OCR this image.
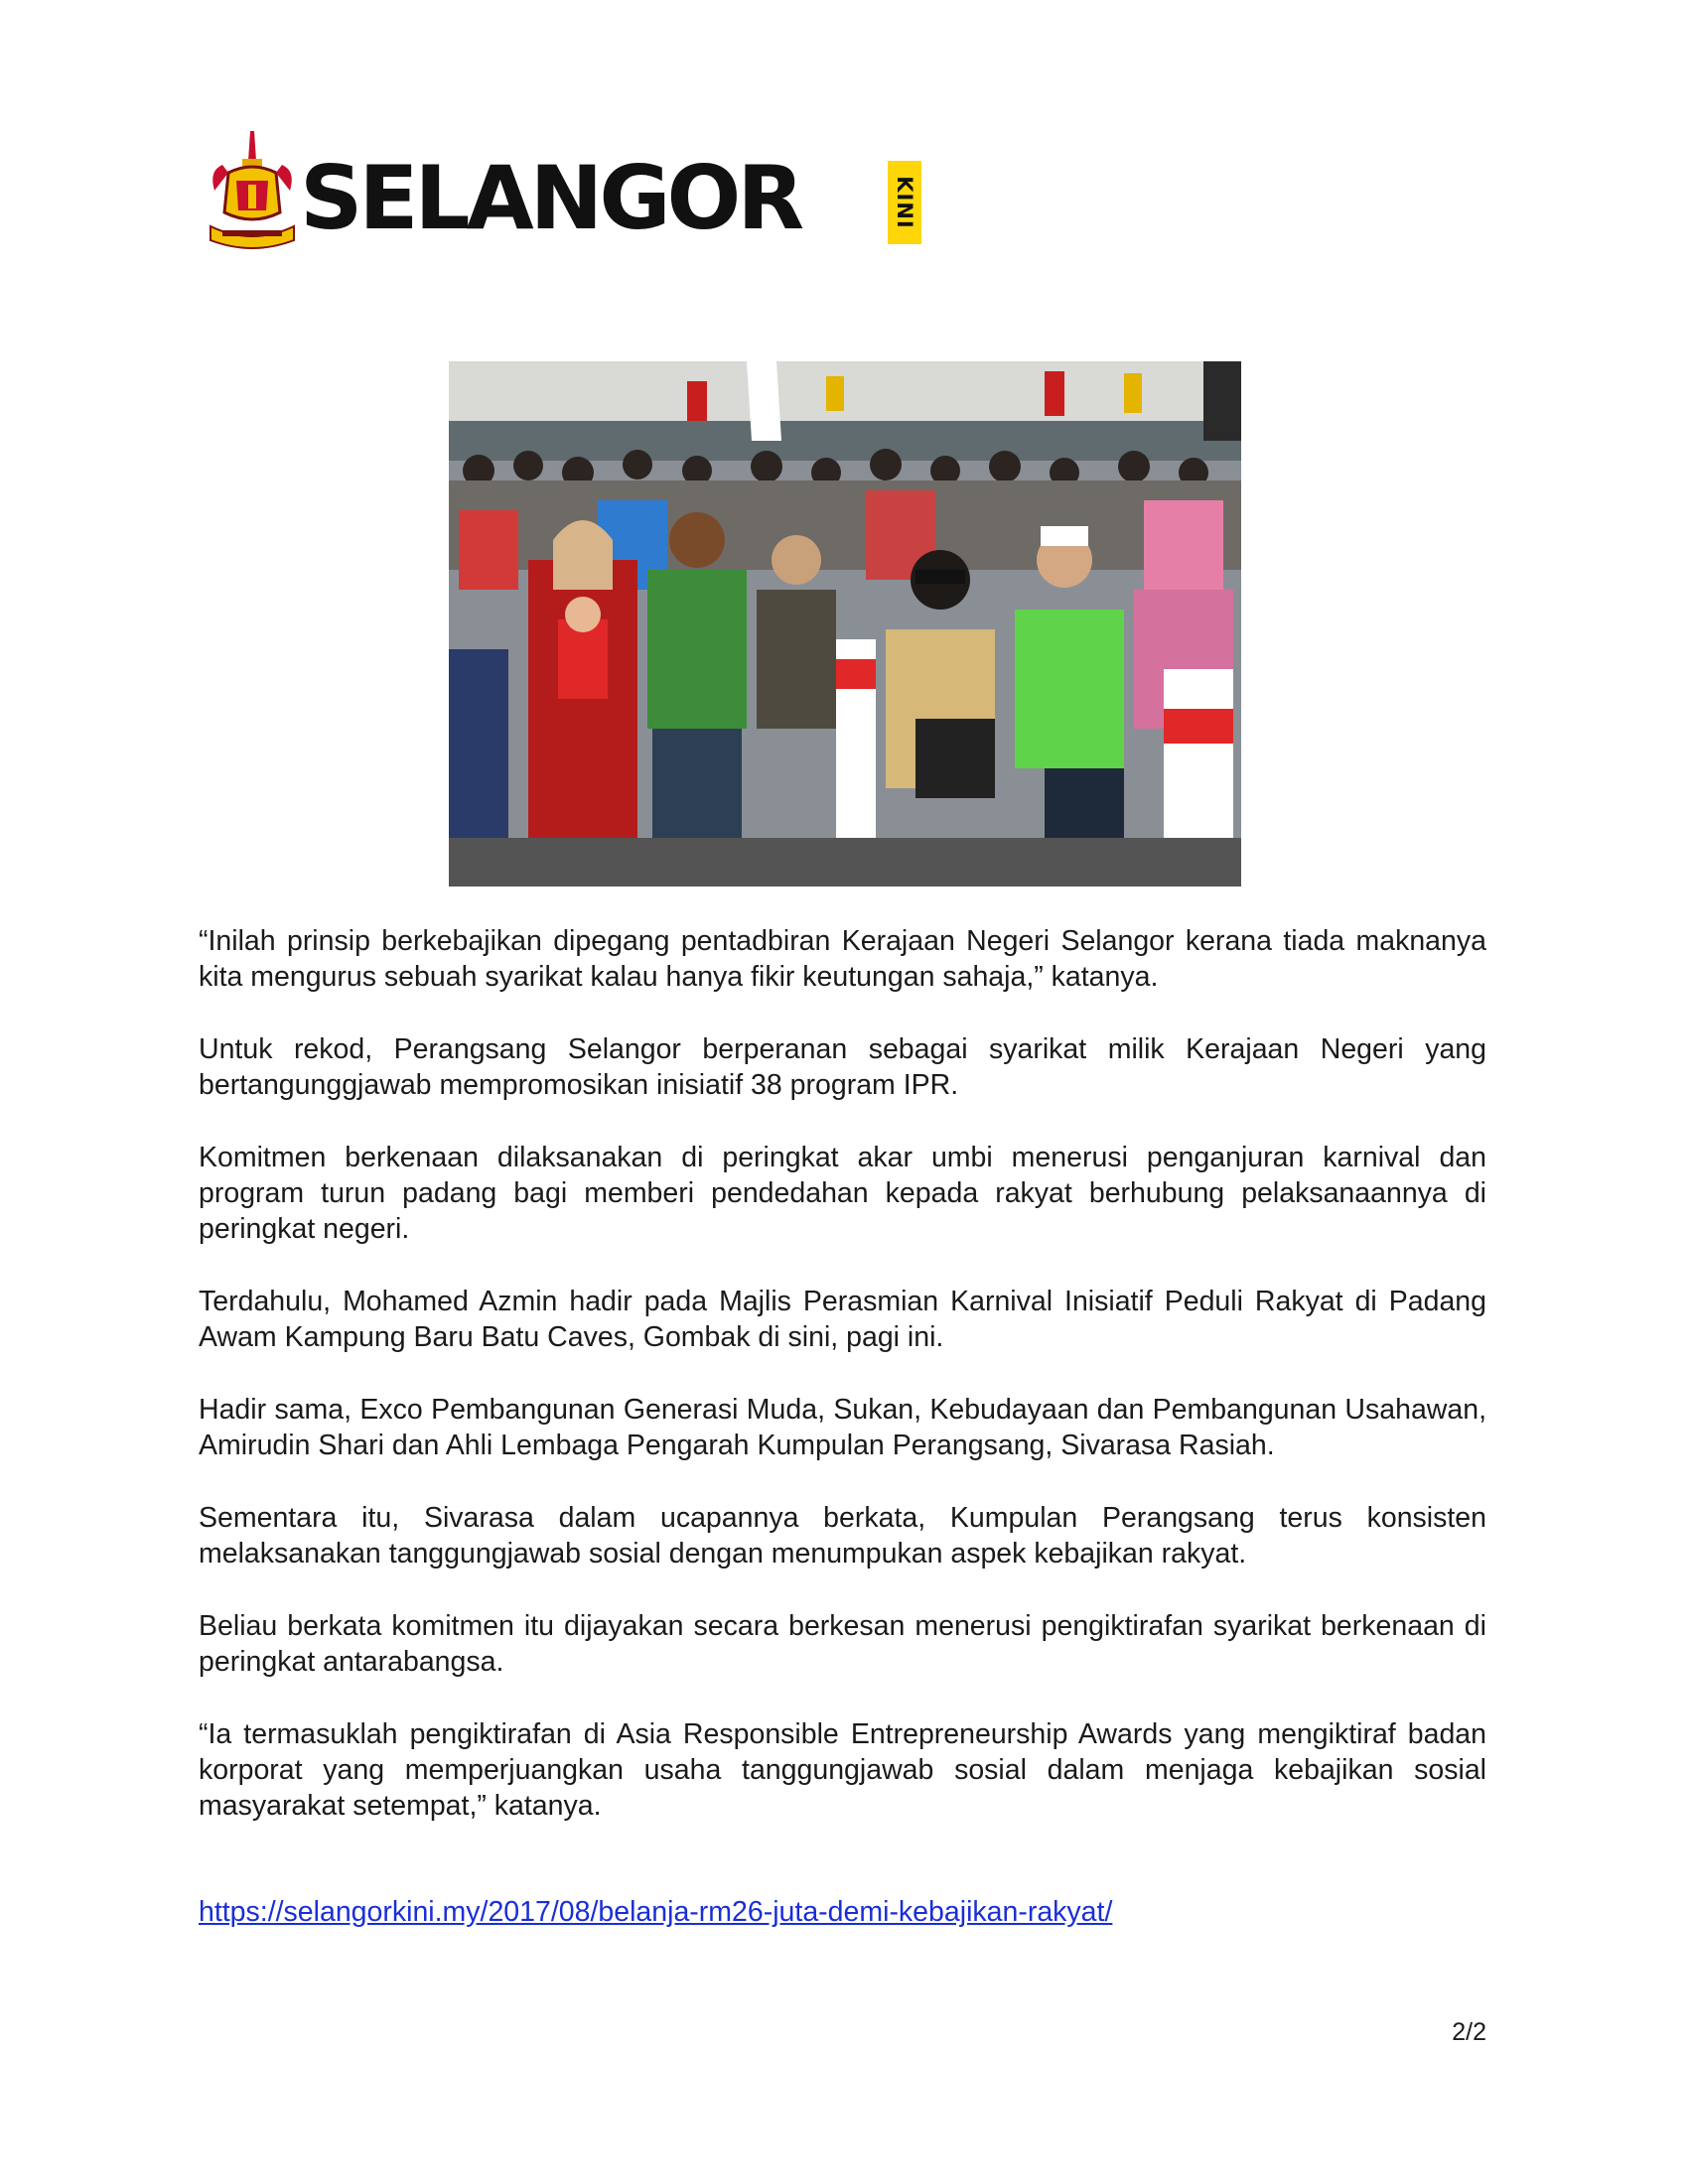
SELANGOR	KINI

“Inilah prinsip berkebajikan dipegang pentadbiran Kerajaan Negeri Selangor kerana tiada maknanya kita mengurus sebuah syarikat kalau hanya fikir keutungan sahaja,” katanya.

Untuk rekod, Perangsang Selangor berperanan sebagai syarikat milik Kerajaan Negeri yang bertangunggjawab mempromosikan inisiatif 38 program IPR.

Komitmen berkenaan dilaksanakan di peringkat akar umbi menerusi penganjuran karnival dan program turun padang bagi memberi pendedahan kepada rakyat berhubung pelaksanaannya di peringkat negeri.

Terdahulu, Mohamed Azmin hadir pada Majlis Perasmian Karnival Inisiatif Peduli Rakyat di Padang Awam Kampung Baru Batu Caves, Gombak di sini, pagi ini.

Hadir sama, Exco Pembangunan Generasi Muda, Sukan, Kebudayaan dan Pembangunan Usahawan, Amirudin Shari dan Ahli Lembaga Pengarah Kumpulan Perangsang, Sivarasa Rasiah.

Sementara itu, Sivarasa dalam ucapannya berkata, Kumpulan Perangsang terus konsisten melaksanakan tanggungjawab sosial dengan menumpukan aspek kebajikan rakyat.

Beliau berkata komitmen itu dijayakan secara berkesan menerusi pengiktirafan syarikat berkenaan di peringkat antarabangsa.

“Ia termasuklah pengiktirafan di Asia Responsible Entrepreneurship Awards yang mengiktiraf badan korporat yang memperjuangkan usaha tanggungjawab sosial dalam menjaga kebajikan sosial masyarakat setempat,” katanya.

https://selangorkini.my/2017/08/belanja-rm26-juta-demi-kebajikan-rakyat/
2/2
